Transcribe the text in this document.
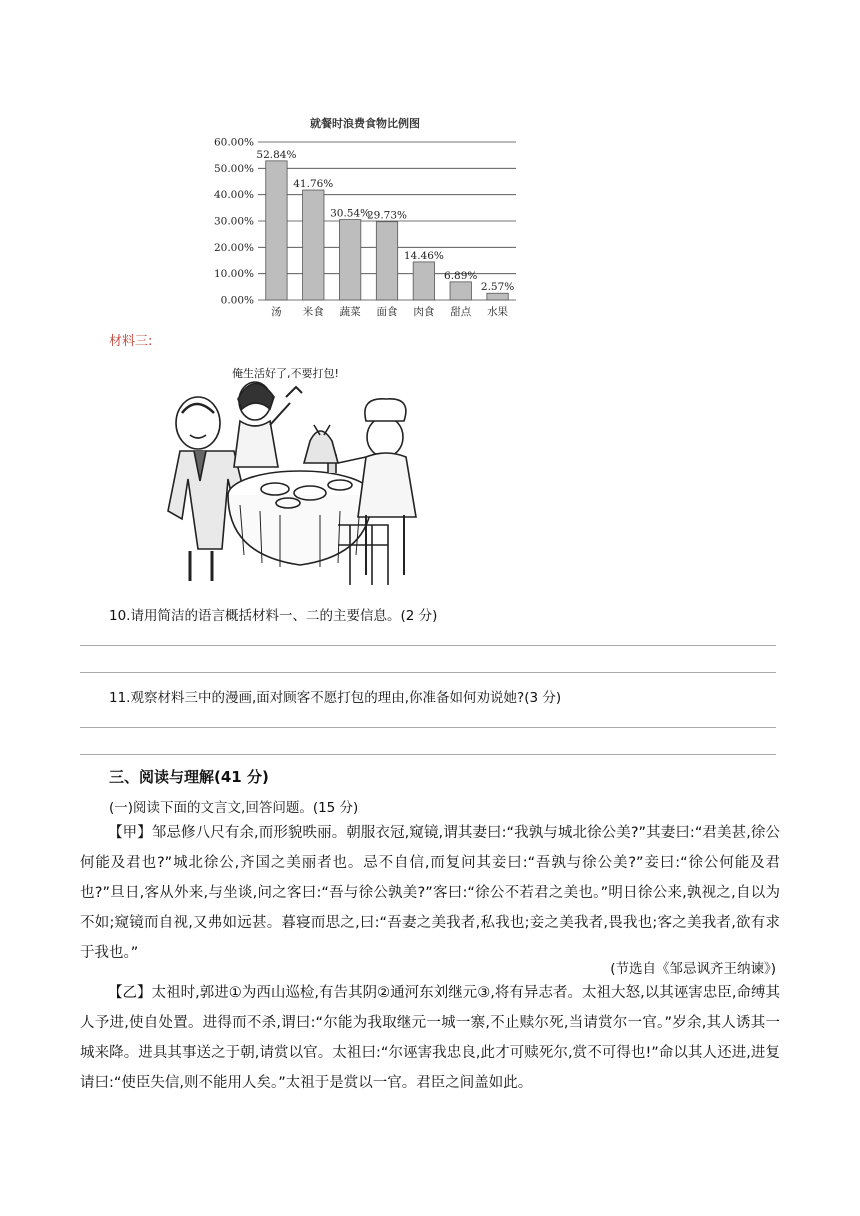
就餐时浪费食物比例图
0.00%
10.00%
20.00%
30.00%
40.00%
50.00%
60.00%
52.84%
41.76%
30.54%
29.73%
14.46%
6.89%
2.57%
汤 米食 蔬菜 面食 肉食 甜点 水果
材料三:
俺生活好了,不要打包!
10.请用简洁的语言概括材料一、二的主要信息。(2 分)
11.观察材料三中的漫画,面对顾客不愿打包的理由,你准备如何劝说她?(3 分)
三、阅读与理解(41 分)
(一)阅读下面的文言文,回答问题。(15 分)
【甲】邹忌修八尺有余,而形貌昳丽。朝服衣冠,窥镜,谓其妻曰:“我孰与城北徐公美?”其妻曰:“君美甚,徐公何能及君也?”城北徐公,齐国之美丽者也。忌不自信,而复问其妾曰:“吾孰与徐公美?”妾曰:“徐公何能及君也?”旦日,客从外来,与坐谈,问之客曰:“吾与徐公孰美?”客曰:“徐公不若君之美也。”明日徐公来,孰视之,自以为不如;窥镜而自视,又弗如远甚。暮寝而思之,曰:“吾妻之美我者,私我也;妾之美我者,畏我也;客之美我者,欲有求于我也。”
(节选自《邹忌讽齐王纳谏》)
【乙】太祖时,郭进①为西山巡检,有告其阴②通河东刘继元③,将有异志者。太祖大怒,以其诬害忠臣,命缚其人予进,使自处置。进得而不杀,谓曰:“尔能为我取继元一城一寨,不止赎尔死,当请赏尔一官。”岁余,其人诱其一城来降。进具其事送之于朝,请赏以官。太祖曰:“尔诬害我忠良,此才可赎死尔,赏不可得也!”命以其人还进,进复请曰:“使臣失信,则不能用人矣。”太祖于是赏以一官。君臣之间盖如此。
